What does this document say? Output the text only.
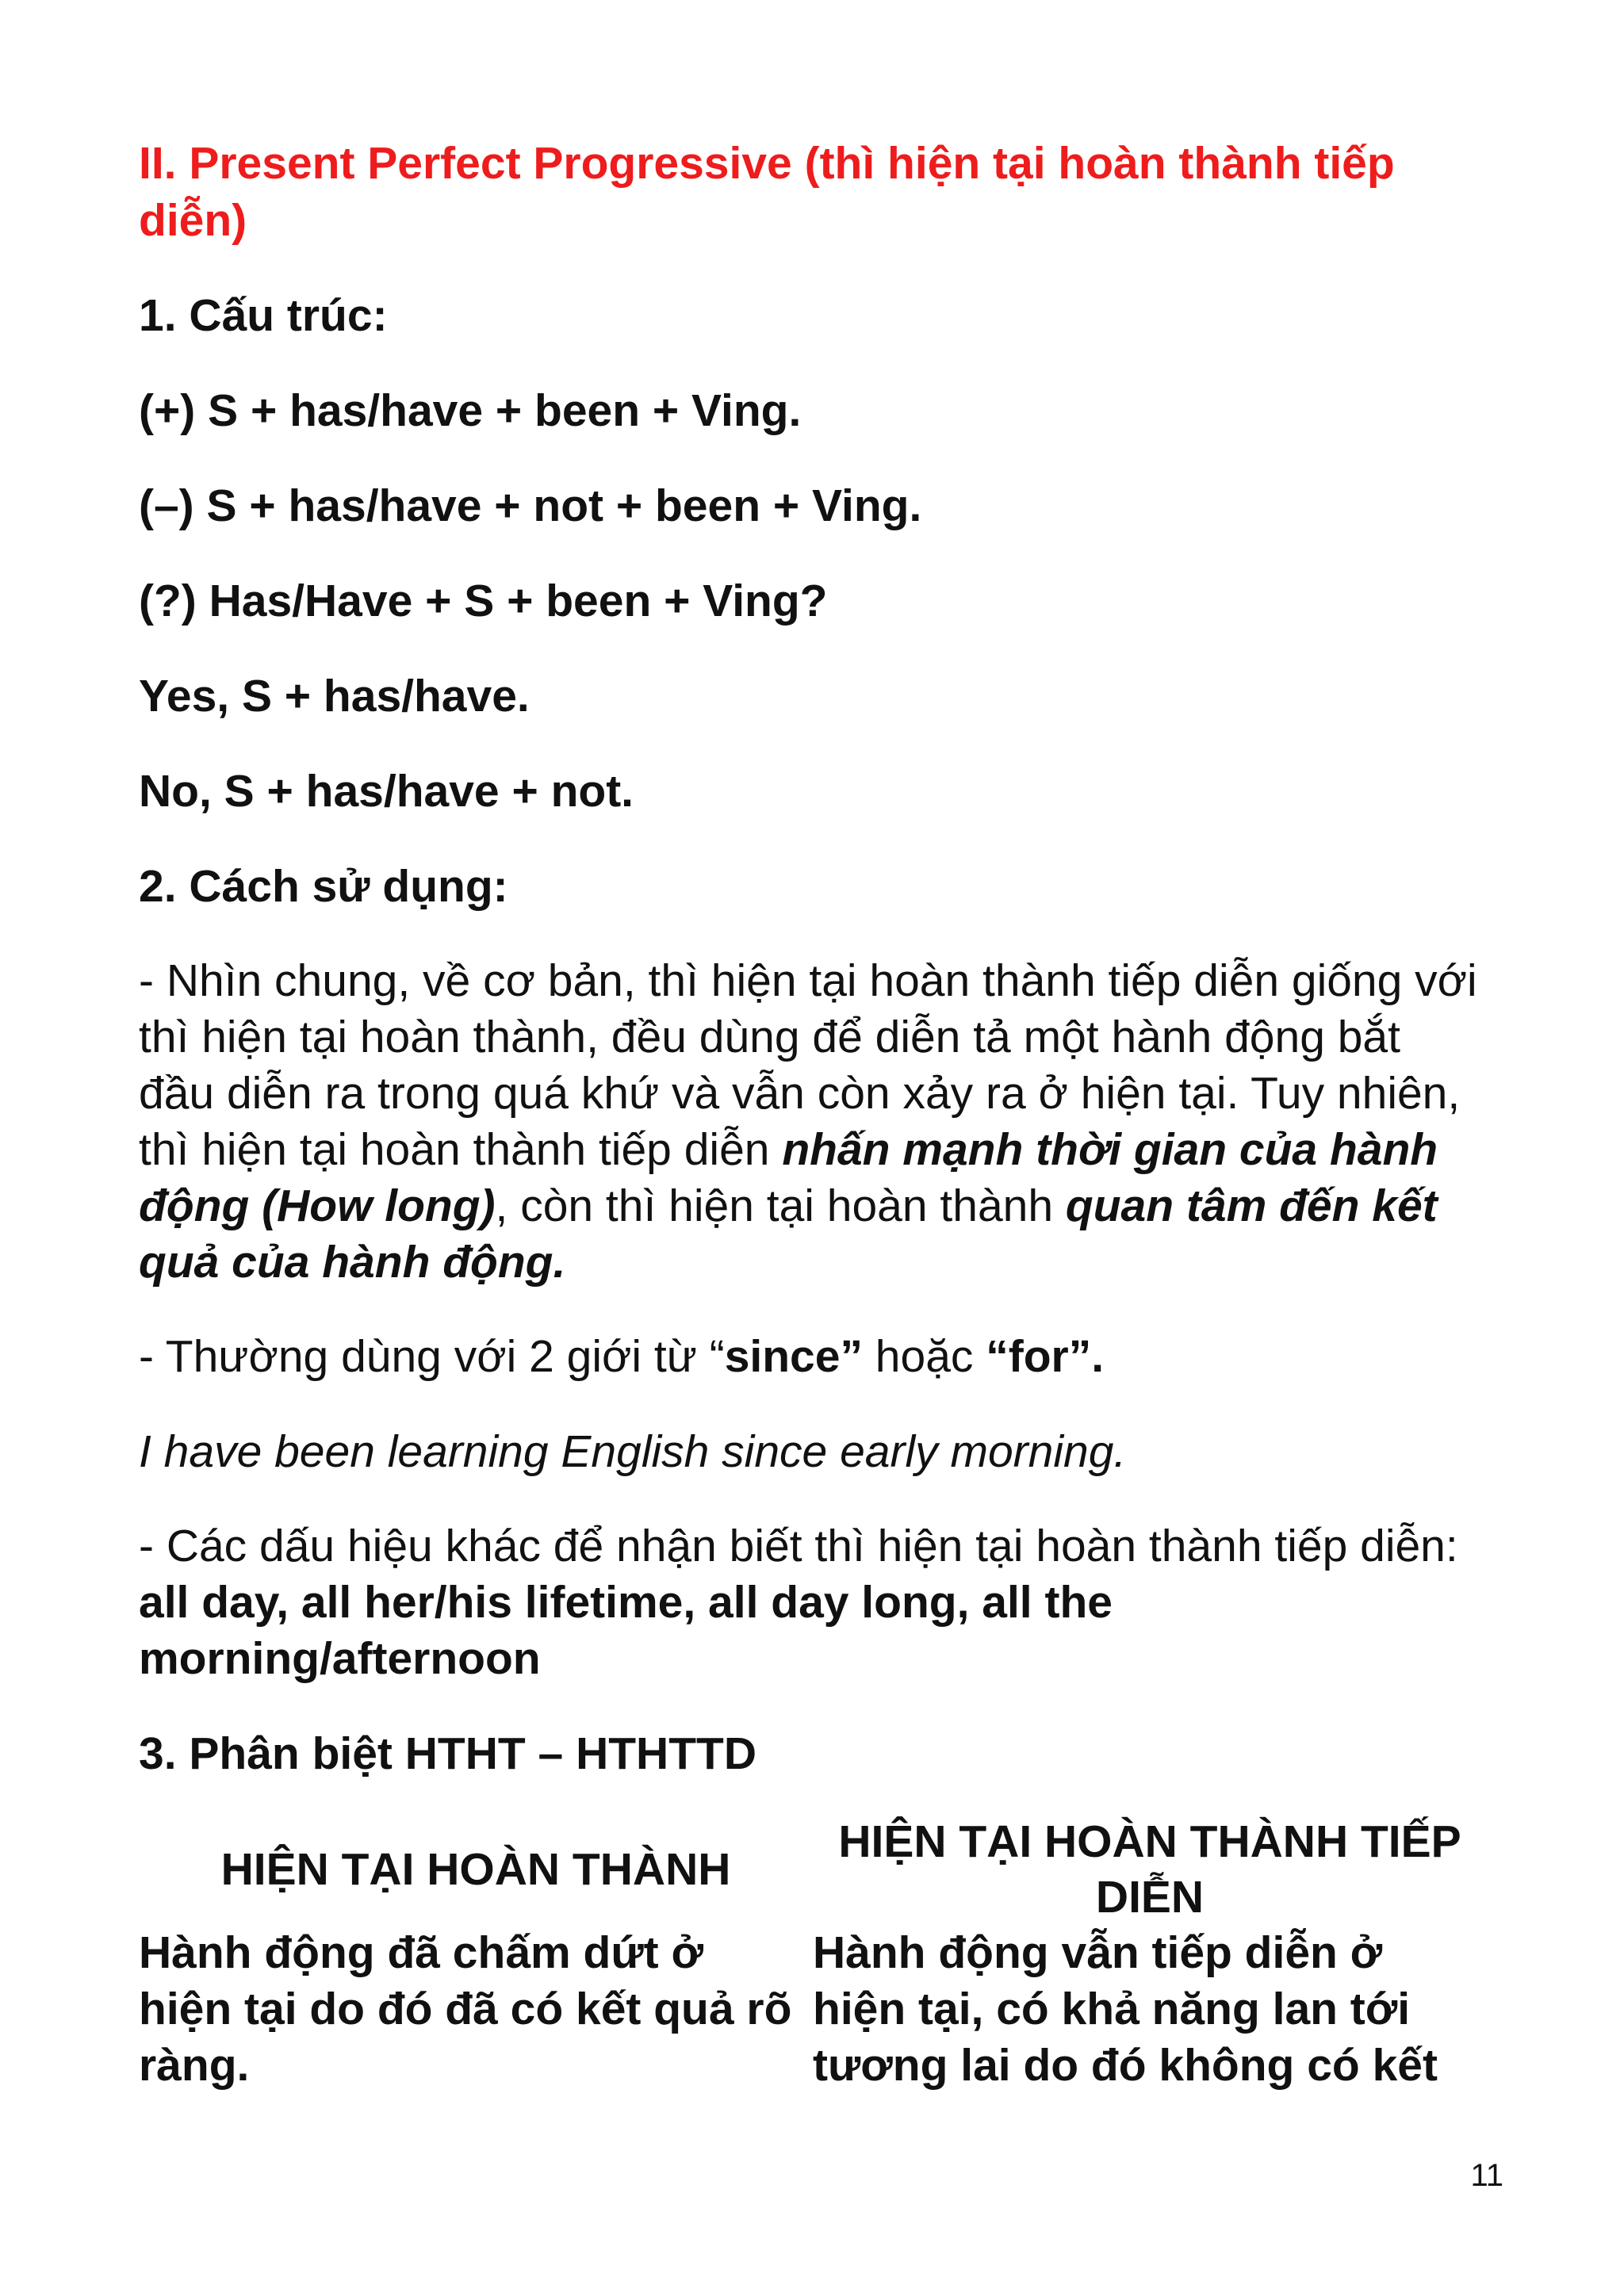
II. Present Perfect Progressive (thì hiện tại hoàn thành tiếp diễn)
1. Cấu trúc:
(+) S + has/have + been + Ving.
(–) S + has/have + not + been + Ving.
(?) Has/Have + S + been + Ving?
Yes, S + has/have.
No, S + has/have + not.
2. Cách sử dụng:
- Nhìn chung, về cơ bản, thì hiện tại hoàn thành tiếp diễn giống với thì hiện tại hoàn thành, đều dùng để diễn tả một hành động bắt đầu diễn ra trong quá khứ và vẫn còn xảy ra ở hiện tại. Tuy nhiên, thì hiện tại hoàn thành tiếp diễn nhấn mạnh thời gian của hành động (How long), còn thì hiện tại hoàn thành quan tâm đến kết quả của hành động.
- Thường dùng với 2 giới từ “since” hoặc “for”.
I have been learning English since early morning.
- Các dấu hiệu khác để nhận biết thì hiện tại hoàn thành tiếp diễn: all day, all her/his lifetime, all day long, all the morning/afternoon
3. Phân biệt HTHT – HTHTTD
HIỆN TẠI HOÀN THÀNH
Hành động đã chấm dứt ở hiện tại do đó đã có kết quả rõ ràng.
HIỆN TẠI HOÀN THÀNH TIẾP DIỄN
Hành động vẫn tiếp diễn ở hiện tại, có khả năng lan tới tương lai do đó không có kết
11
